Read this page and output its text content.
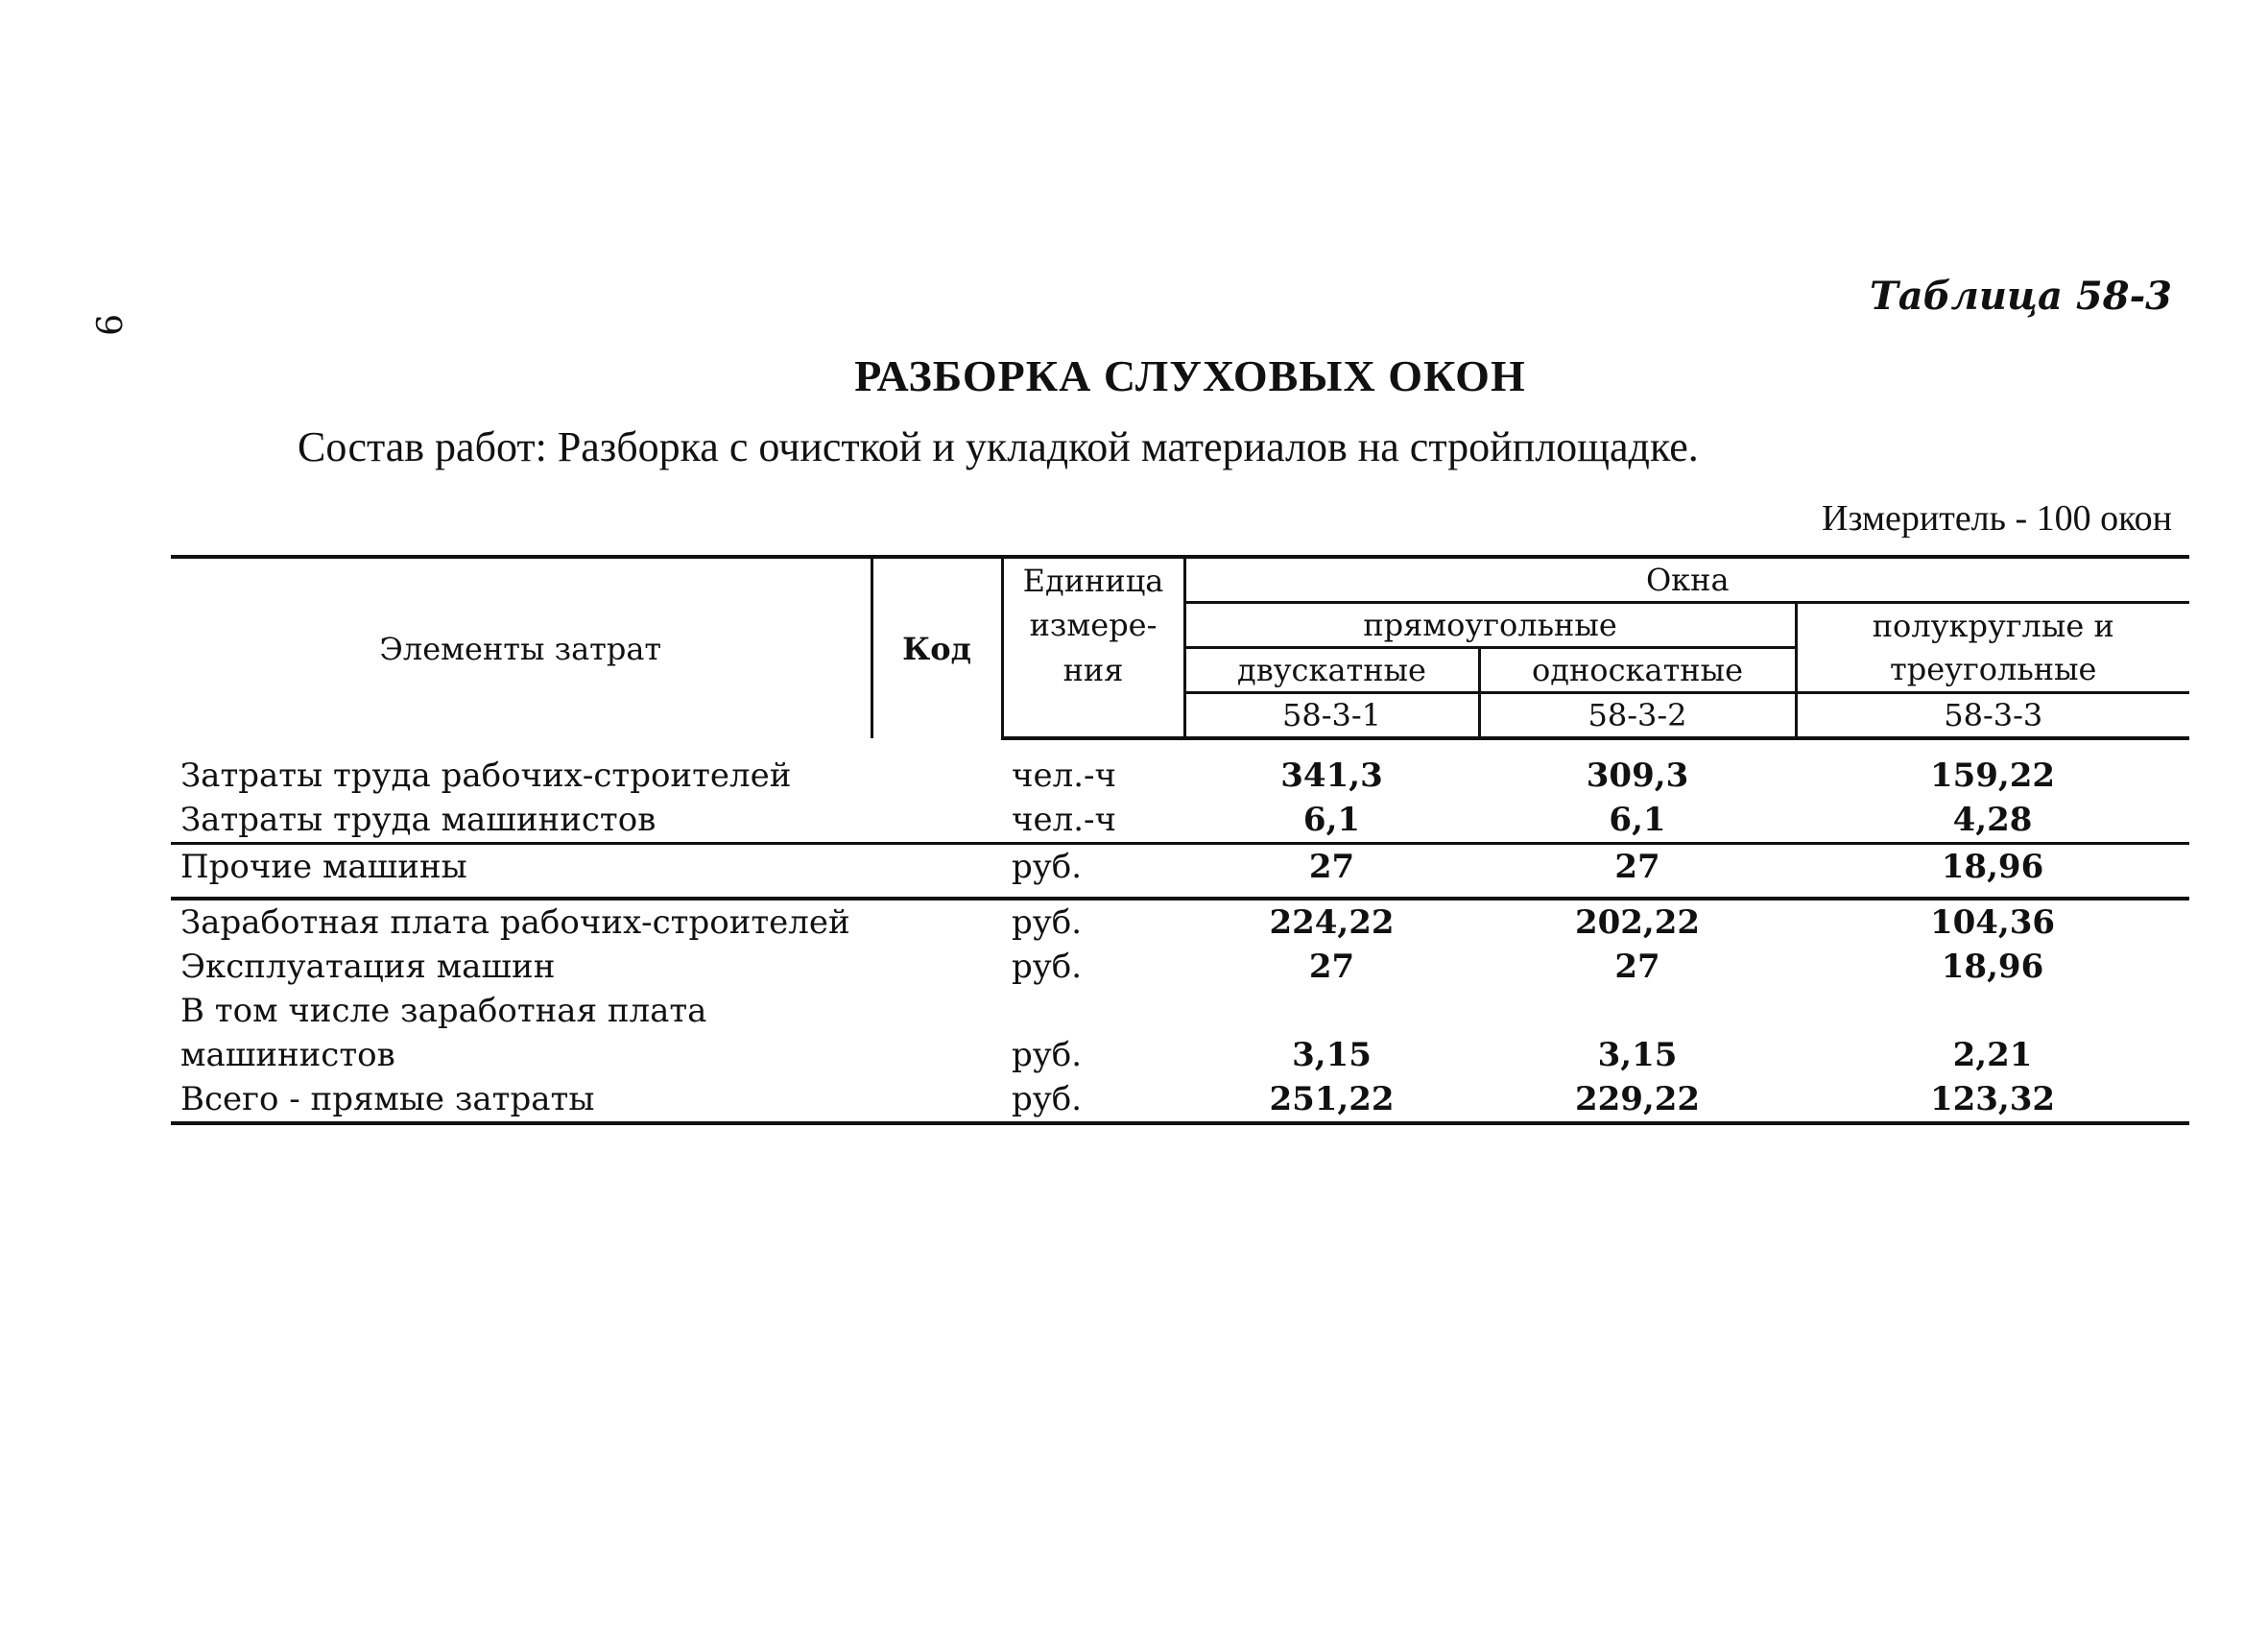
9
Таблица 58-3
РАЗБОРКА СЛУХОВЫХ ОКОН
Состав работ: Разборка с очисткой и укладкой материалов на стройплощадке.
Измеритель - 100 окон
Элементы затрат	Код	Единица	Окна		
		измере-	прямоугольные		полукруглые и
		ния	двускатные	односкатные	треугольные
			58-3-1	58-3-2	58-3-3

Затраты труда рабочих-строителей		чел.-ч	341,3	309,3	159,22
Затраты труда машинистов		чел.-ч	6,1	6,1	4,28
Прочие машины		руб.	27	27	18,96

Заработная плата рабочих-строителей		руб.	224,22	202,22	104,36
Эксплуатация машин		руб.	27	27	18,96
В том числе заработная плата					
машинистов		руб.	3,15	3,15	2,21
Всего - прямые затраты		руб.	251,22	229,22	123,32
